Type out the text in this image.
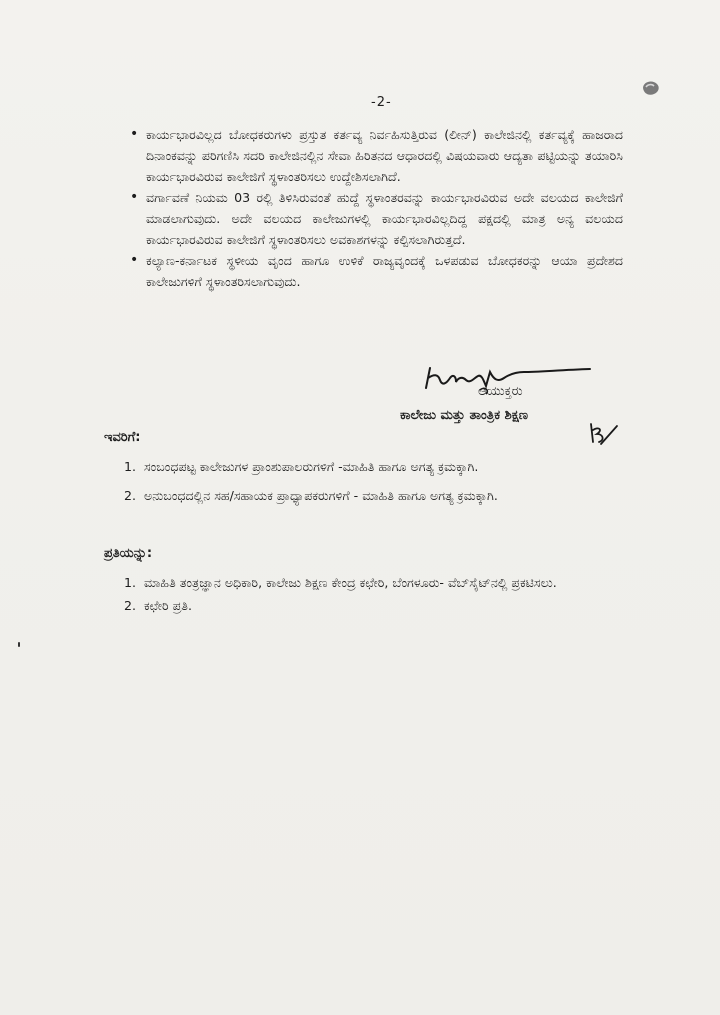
-2-
• ಕಾರ್ಯಭಾರವಿಲ್ಲದ ಬೋಧಕರುಗಳು ಪ್ರಸ್ತುತ ಕರ್ತವ್ಯ ನಿರ್ವಹಿಸುತ್ತಿರುವ (ಲೀನ್) ಕಾಲೇಜಿನಲ್ಲಿ ಕರ್ತವ್ಯಕ್ಕೆ ಹಾಜರಾದ ದಿನಾಂಕವನ್ನು ಪರಿಗಣಿಸಿ ಸದರಿ ಕಾಲೇಜಿನಲ್ಲಿನ ಸೇವಾ ಹಿರಿತನದ ಆಧಾರದಲ್ಲಿ ವಿಷಯವಾರು ಆದ್ಯತಾ ಪಟ್ಟಿಯನ್ನು ತಯಾರಿಸಿ ಕಾರ್ಯಭಾರವಿರುವ ಕಾಲೇಜಿಗೆ ಸ್ಥಳಾಂತರಿಸಲು ಉದ್ದೇಶಿಸಲಾಗಿದೆ.
• ವರ್ಗಾವಣೆ ನಿಯಮ 03 ರಲ್ಲಿ ತಿಳಿಸಿರುವಂತೆ ಹುದ್ದೆ ಸ್ಥಳಾಂತರವನ್ನು ಕಾರ್ಯಭಾರವಿರುವ ಅದೇ ವಲಯದ ಕಾಲೇಜಿಗೆ ಮಾಡಲಾಗುವುದು. ಅದೇ ವಲಯದ ಕಾಲೇಜುಗಳಲ್ಲಿ ಕಾರ್ಯಭಾರವಿಲ್ಲದಿದ್ದ ಪಕ್ಷದಲ್ಲಿ ಮಾತ್ರ ಅನ್ಯ ವಲಯದ ಕಾರ್ಯಭಾರವಿರುವ ಕಾಲೇಜಿಗೆ ಸ್ಥಳಾಂತರಿಸಲು ಅವಕಾಶಗಳನ್ನು ಕಲ್ಪಿಸಲಾಗಿರುತ್ತದೆ.
• ಕಲ್ಯಾಣ-ಕರ್ನಾಟಕ ಸ್ಥಳೀಯ ವೃಂದ ಹಾಗೂ ಉಳಿಕೆ ರಾಜ್ಯವೃಂದಕ್ಕೆ ಒಳಪಡುವ ಬೋಧಕರನ್ನು ಆಯಾ ಪ್ರದೇಶದ ಕಾಲೇಜುಗಳಿಗೆ ಸ್ಥಳಾಂತರಿಸಲಾಗುವುದು.
ಆಯುಕ್ತರು
ಕಾಲೇಜು ಮತ್ತು ತಾಂತ್ರಿಕ ಶಿಕ್ಷಣ
ಇವರಿಗೆ:
1. ಸಂಬಂಧಪಟ್ಟ ಕಾಲೇಜುಗಳ ಪ್ರಾಂಶುಪಾಲರುಗಳಿಗೆ -ಮಾಹಿತಿ ಹಾಗೂ ಅಗತ್ಯ ಕ್ರಮಕ್ಕಾಗಿ.
2. ಅನುಬಂಧದಲ್ಲಿನ ಸಹ/ಸಹಾಯಕ ಪ್ರಾಧ್ಯಾಪಕರುಗಳಿಗೆ - ಮಾಹಿತಿ ಹಾಗೂ ಅಗತ್ಯ ಕ್ರಮಕ್ಕಾಗಿ.
ಪ್ರತಿಯನ್ನು:
1. ಮಾಹಿತಿ ತಂತ್ರಜ್ಞಾನ ಅಧಿಕಾರಿ, ಕಾಲೇಜು ಶಿಕ್ಷಣ ಕೇಂದ್ರ ಕಛೇರಿ, ಬೆಂಗಳೂರು- ವೆಬ್‌ಸೈಟ್‌ನಲ್ಲಿ ಪ್ರಕಟಿಸಲು.
2. ಕಛೇರಿ ಪ್ರತಿ.
